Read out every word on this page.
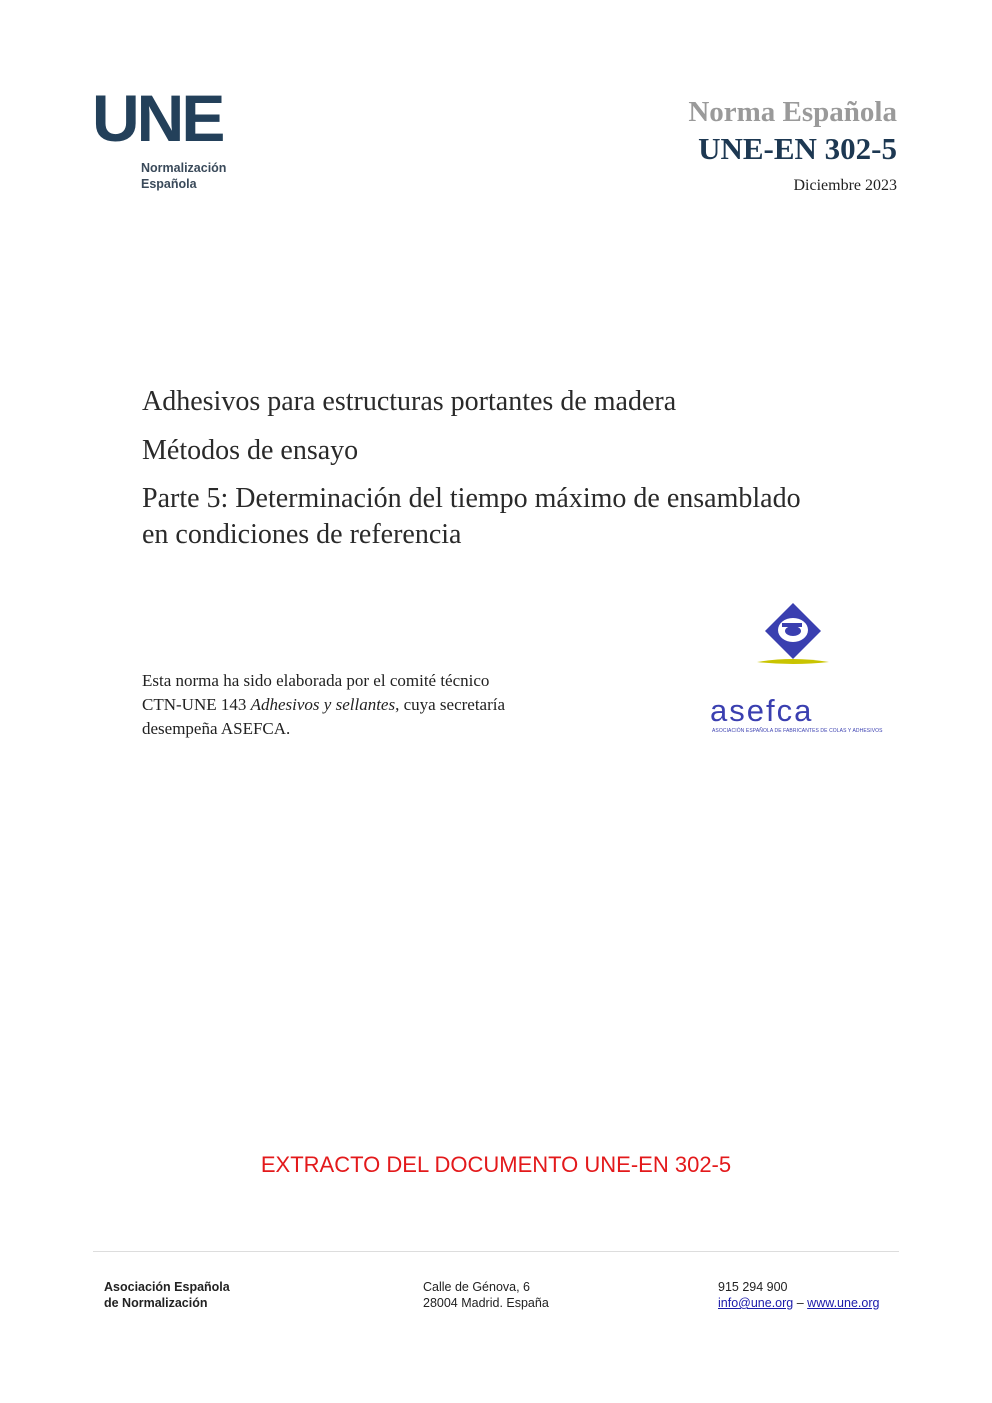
UNE
Normalización
Española
Norma Española
UNE-EN 302-5
Diciembre 2023
Adhesivos para estructuras portantes de madera
Métodos de ensayo
Parte 5: Determinación del tiempo máximo de ensamblado
en condiciones de referencia
Esta norma ha sido elaborada por el comité técnico
CTN-UNE 143 Adhesivos y sellantes, cuya secretaría
desempeña ASEFCA.
asefca
ASOCIACIÓN ESPAÑOLA DE FABRICANTES DE COLAS Y ADHESIVOS
EXTRACTO DEL DOCUMENTO UNE-EN 302-5
Asociación Española
de Normalización
Calle de Génova, 6
28004 Madrid. España
915 294 900
info@une.org – www.une.org
